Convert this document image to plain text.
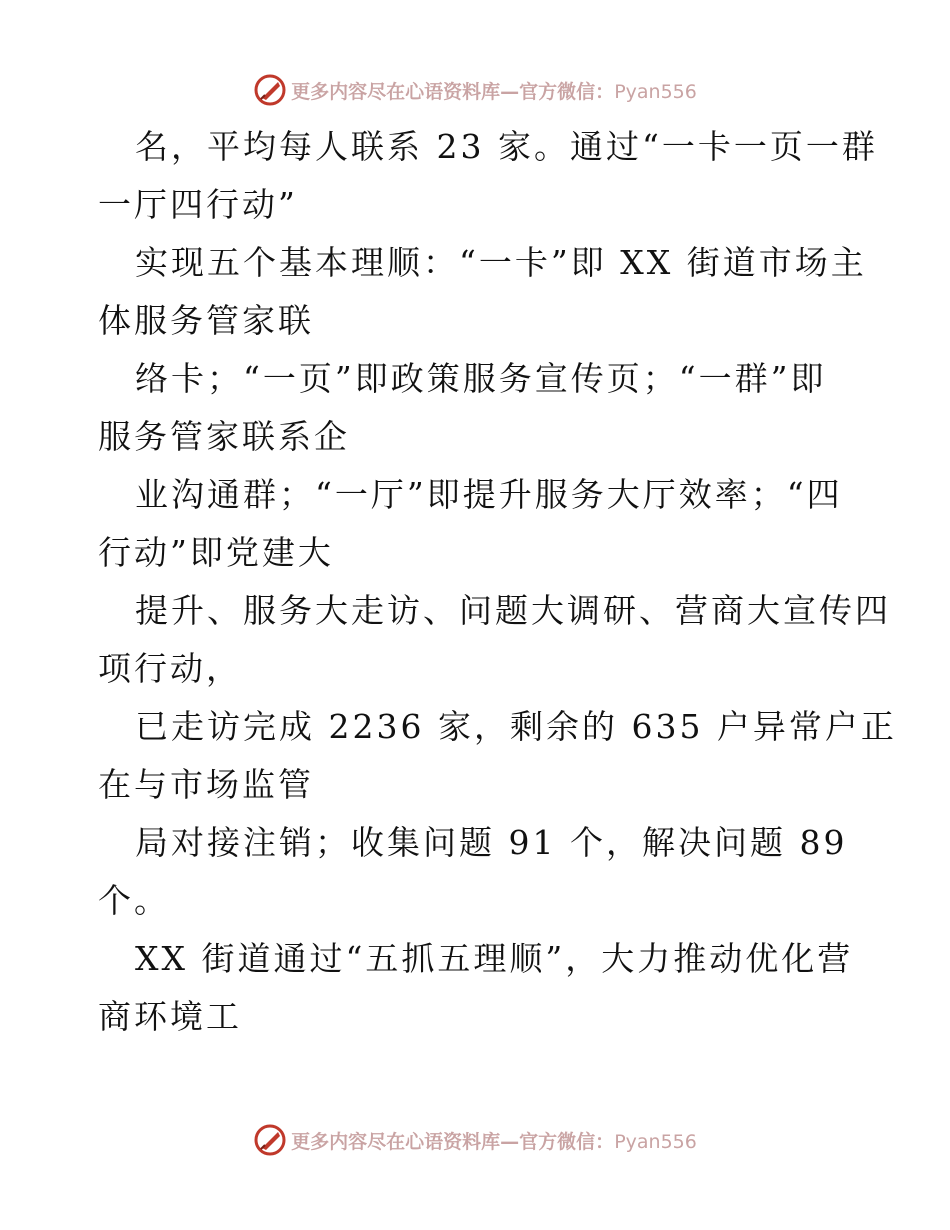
更多内容尽在心语资料库—官方微信：Pyan556

名，平均每人联系 23 家。通过“一卡一页一群
一厅四行动”

实现五个基本理顺：“一卡”即 XX 街道市场主
体服务管家联

络卡；“一页”即政策服务宣传页；“一群”即
服务管家联系企

业沟通群；“一厅”即提升服务大厅效率；“四
行动”即党建大

提升、服务大走访、问题大调研、营商大宣传四
项行动，

已走访完成 2236 家，剩余的 635 户异常户正
在与市场监管

局对接注销；收集问题 91 个，解决问题 89
个。

XX 街道通过“五抓五理顺”，大力推动优化营
商环境工

更多内容尽在心语资料库—官方微信：Pyan556
